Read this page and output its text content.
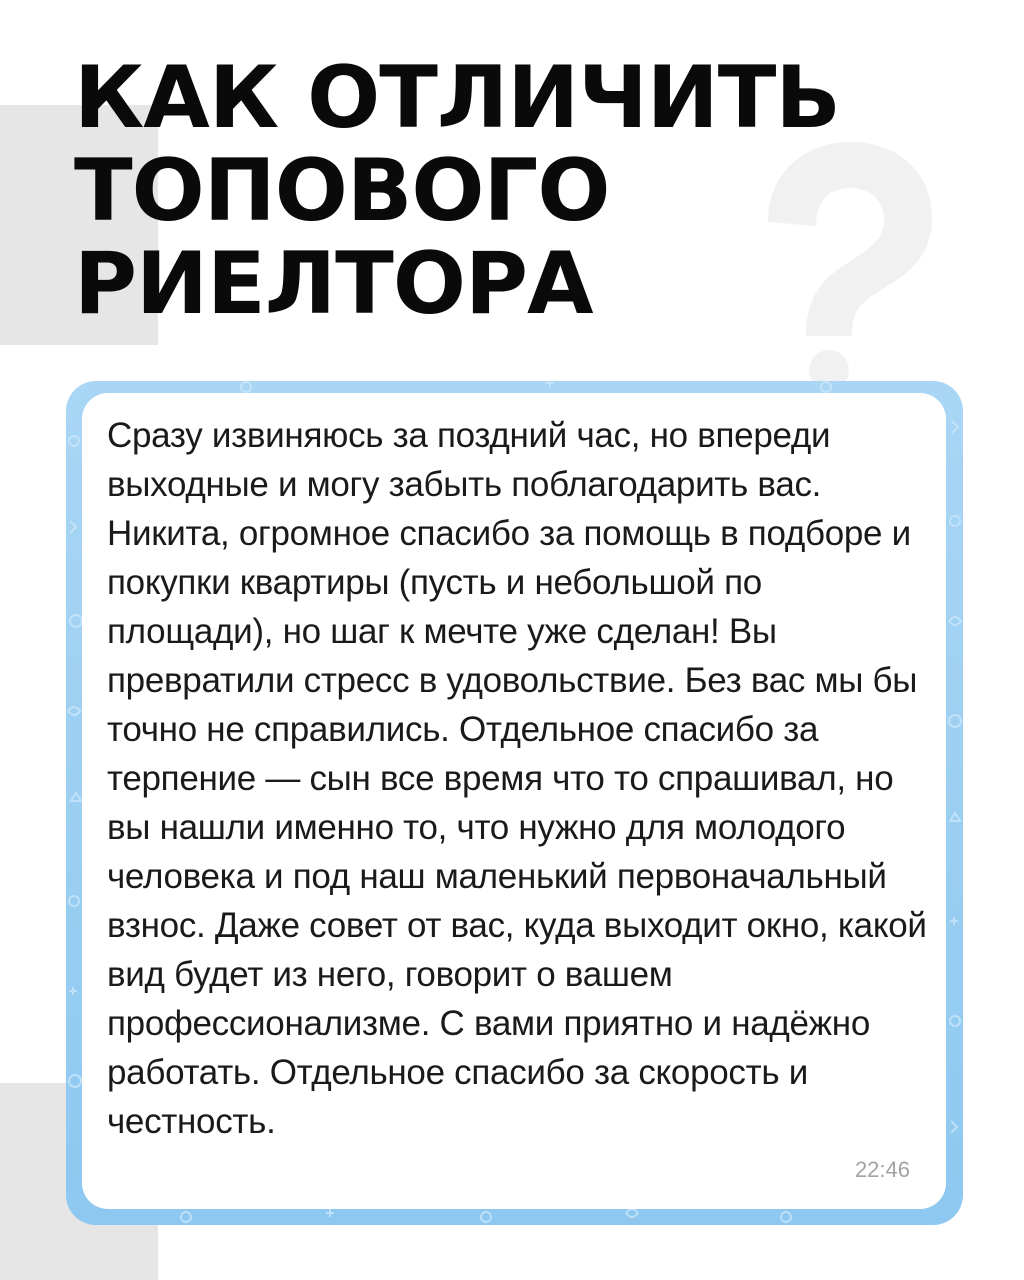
КАК ОТЛИЧИТЬ
ТОПОВОГО
РИЕЛТОРА

Сразу извиняюсь за поздний час, но впереди выходные и могу забыть поблагодарить вас. Никита, огромное спасибо за помощь в подборе и покупки квартиры (пусть и небольшой по площади), но шаг к мечте уже сделан! Вы превратили стресс в удовольствие. Без вас мы бы точно не справились. Отдельное спасибо за терпение — сын все время что то спрашивал, но вы нашли именно то, что нужно для молодого человека и под наш маленький первоначальный взнос. Даже совет от вас, куда выходит окно, какой вид будет из него, говорит о вашем профессионализме. С вами приятно и надёжно работать. Отдельное спасибо за скорость и честность.

22:46
